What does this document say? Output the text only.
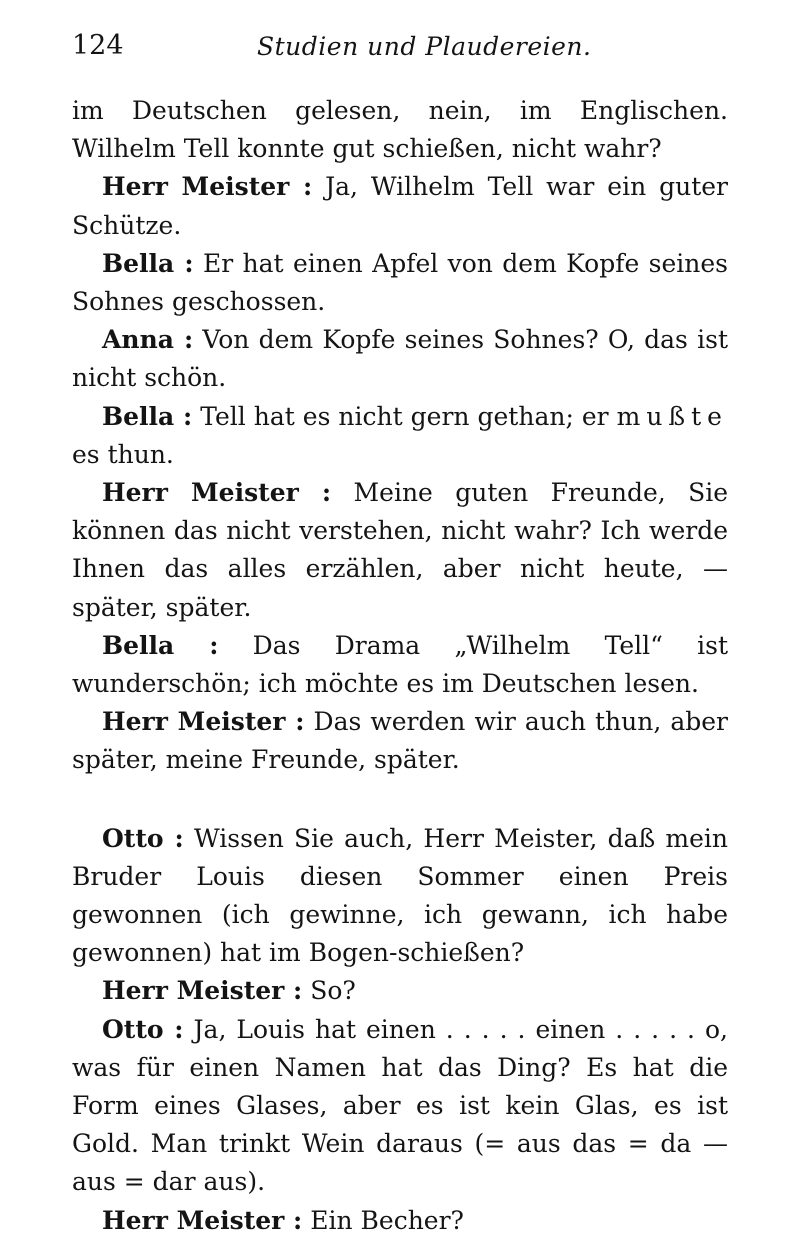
124	Studien und Plaudereien.

im Deutschen gelesen, nein, im Englischen. Wilhelm Tell konnte gut schießen, nicht wahr?

Herr Meister : Ja, Wilhelm Tell war ein guter Schütze.

Bella : Er hat einen Apfel von dem Kopfe seines Sohnes geschossen.

Anna : Von dem Kopfe seines Sohnes? O, das ist nicht schön.

Bella : Tell hat es nicht gern gethan; er mußte es thun.

Herr Meister : Meine guten Freunde, Sie können das nicht verstehen, nicht wahr? Ich werde Ihnen das alles erzählen, aber nicht heute, — später, später.

Bella : Das Drama „Wilhelm Tell“ ist wunderschön; ich möchte es im Deutschen lesen.

Herr Meister : Das werden wir auch thun, aber später, meine Freunde, später.

Otto : Wissen Sie auch, Herr Meister, daß mein Bruder Louis diesen Sommer einen Preis gewonnen (ich gewinne, ich gewann, ich habe gewonnen) hat im Bogen-schießen?

Herr Meister : So?

Otto : Ja, Louis hat einen . . . . . einen . . . . . o, was für einen Namen hat das Ding? Es hat die Form eines Glases, aber es ist kein Glas, es ist Gold. Man trinkt Wein daraus (= aus das = da — aus = dar aus).

Herr Meister : Ein Becher?
